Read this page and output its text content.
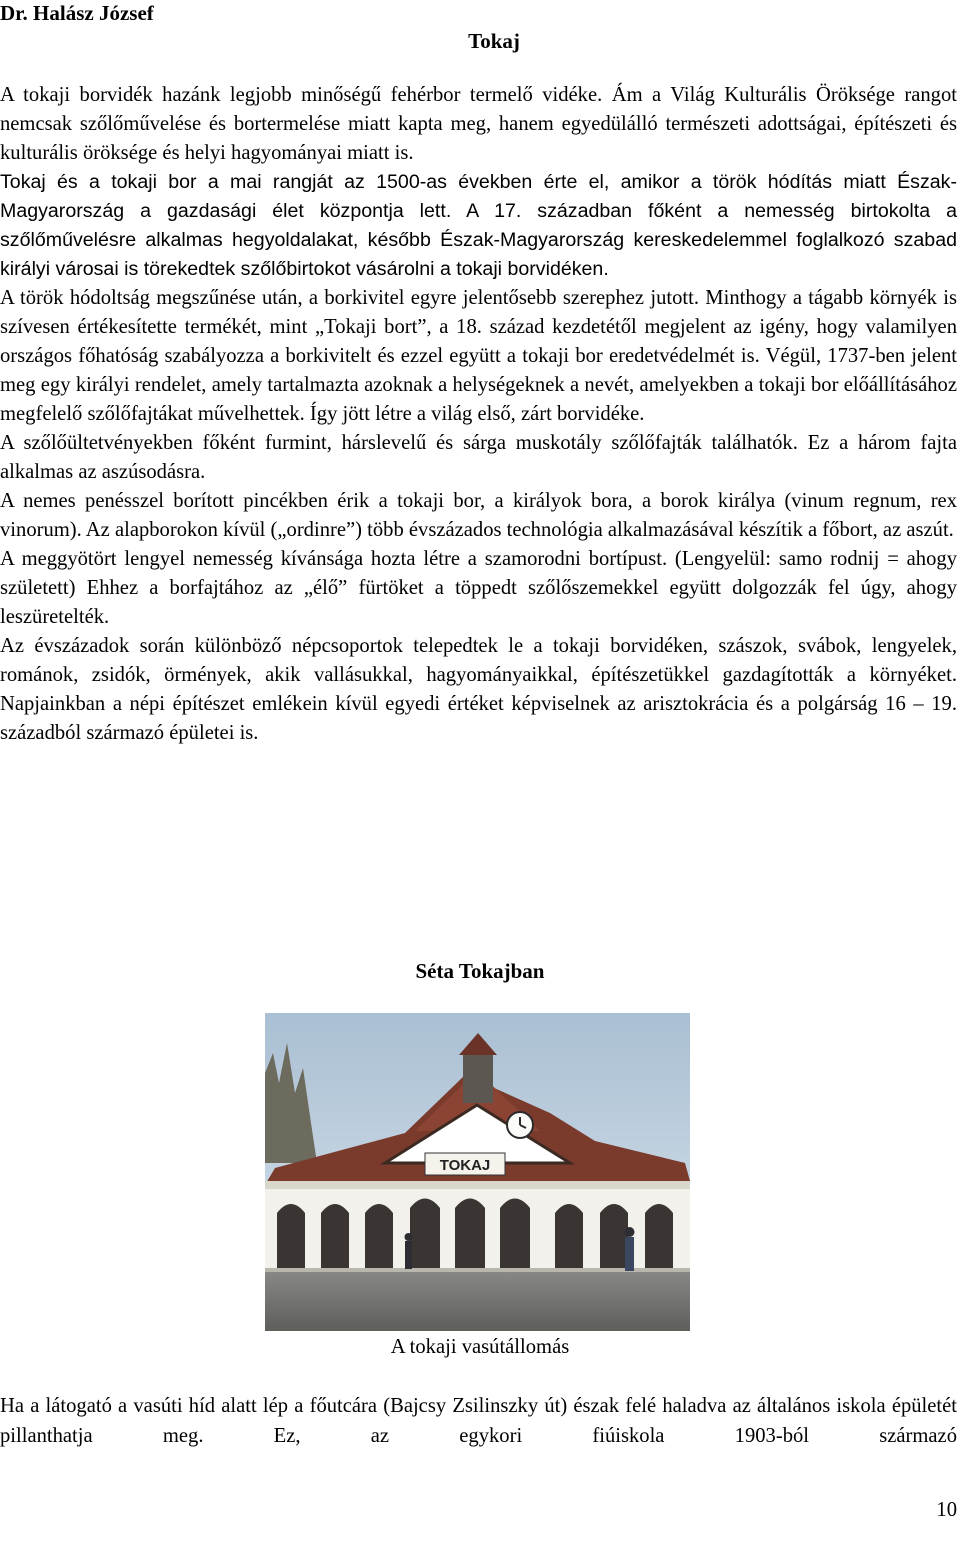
Dr. Halász József
Tokaj

A tokaji borvidék hazánk legjobb minőségű fehérbor termelő vidéke. Ám a Világ Kulturális Öröksége rangot nemcsak szőlőművelése és bortermelése miatt kapta meg, hanem egyedülálló természeti adottságai, építészeti és kulturális öröksége és helyi hagyományai miatt is.

Tokaj és a tokaji bor a mai rangját az 1500-as években érte el, amikor a török hódítás miatt Észak-Magyarország a gazdasági élet központja lett. A 17. században főként a nemesség birtokolta a szőlőművelésre alkalmas hegyoldalakat, később Észak-Magyarország kereskedelemmel foglalkozó szabad királyi városai is törekedtek szőlőbirtokot vásárolni a tokaji borvidéken.

A török hódoltság megszűnése után, a borkivitel egyre jelentősebb szerephez jutott. Minthogy a tágabb környék is szívesen értékesítette termékét, mint „Tokaji bort”, a 18. század kezdetétől megjelent az igény, hogy valamilyen országos főhatóság szabályozza a borkivitelt és ezzel együtt a tokaji bor eredetvédelmét is. Végül, 1737-ben jelent meg egy királyi rendelet, amely tartalmazta azoknak a helységeknek a nevét, amelyekben a tokaji bor előállításához megfelelő szőlőfajtákat művelhettek. Így jött létre a világ első, zárt borvidéke.

A szőlőültetvényekben főként furmint, hárslevelű és sárga muskotály szőlőfajták találhatók. Ez a három fajta alkalmas az aszúsodásra.

A nemes penésszel borított pincékben érik a tokaji bor, a királyok bora, a borok királya (vinum regnum, rex vinorum). Az alapborokon kívül („ordinre”) több évszázados technológia alkalmazásával készítik a főbort, az aszút.

A meggyötört lengyel nemesség kívánsága hozta létre a szamorodni bortípust. (Lengyelül: samo rodnij = ahogy született) Ehhez a borfajtához az „élő” fürtöket a töppedt szőlőszemekkel együtt dolgozzák fel úgy, ahogy leszüretelték.

Az évszázadok során különböző népcsoportok telepedtek le a tokaji borvidéken, szászok, svábok, lengyelek, románok, zsidók, örmények, akik vallásukkal, hagyományaikkal, építészetükkel gazdagították a környéket. Napjainkban a népi építészet emlékein kívül egyedi értéket képviselnek az arisztokrácia és a polgárság 16 – 19. századból származó épületei is.

Séta Tokajban
TOKAJ
A tokaji vasútállomás

Ha a látogató a vasúti híd alatt lép a főutcára (Bajcsy Zsilinszky út) észak felé haladva az általános iskola épületét pillanthatja meg. Ez, az egykori fiúiskola 1903-ból származó

10
